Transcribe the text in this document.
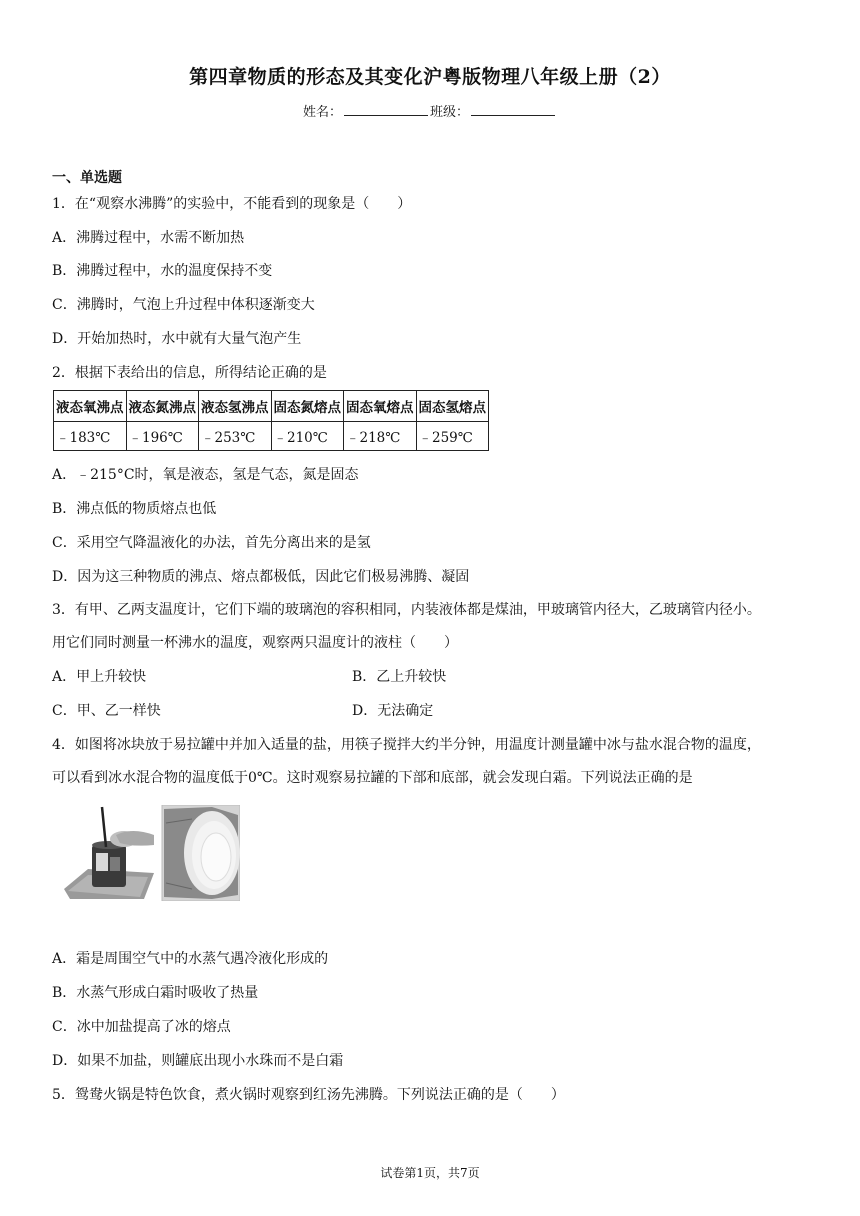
第四章物质的形态及其变化沪粤版物理八年级上册（2）
姓名：	班级：
一、单选题
1．在“观察水沸腾”的实验中，不能看到的现象是（　　）
A．沸腾过程中，水需不断加热
B．沸腾过程中，水的温度保持不变
C．沸腾时，气泡上升过程中体积逐渐变大
D．开始加热时，水中就有大量气泡产生
2．根据下表给出的信息，所得结论正确的是
液态氧沸点	液态氮沸点	液态氢沸点	固态氮熔点	固态氧熔点	固态氢熔点
﹣183℃	﹣196℃	﹣253℃	﹣210℃	﹣218℃	﹣259℃
A．﹣215°C时，氧是液态，氢是气态，氮是固态
B．沸点低的物质熔点也低
C．采用空气降温液化的办法，首先分离出来的是氢
D．因为这三种物质的沸点、熔点都极低，因此它们极易沸腾、凝固
3．有甲、乙两支温度计，它们下端的玻璃泡的容积相同，内装液体都是煤油，甲玻璃管内径大，乙玻璃管内径小。
用它们同时测量一杯沸水的温度，观察两只温度计的液柱（　　）
A．甲上升较快	B．乙上升较快
C．甲、乙一样快	D．无法确定
4．如图将冰块放于易拉罐中并加入适量的盐，用筷子搅拌大约半分钟，用温度计测量罐中冰与盐水混合物的温度，
可以看到冰水混合物的温度低于0℃。这时观察易拉罐的下部和底部，就会发现白霜。下列说法正确的是
A．霜是周围空气中的水蒸气遇冷液化形成的
B．水蒸气形成白霜时吸收了热量
C．冰中加盐提高了冰的熔点
D．如果不加盐，则罐底出现小水珠而不是白霜
5．鸳鸯火锅是特色饮食，煮火锅时观察到红汤先沸腾。下列说法正确的是（　　）
试卷第1页，共7页
